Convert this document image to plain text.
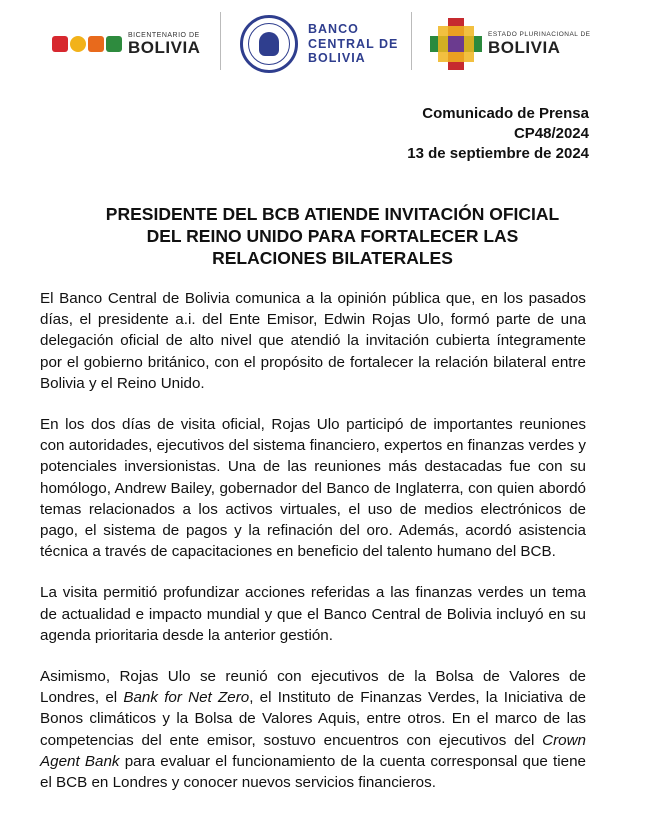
BICENTENARIO DE
BOLIVIA
BANCO
CENTRAL DE
BOLIVIA
ESTADO PLURINACIONAL DE
BOLIVIA
Comunicado de Prensa
CP48/2024
13 de septiembre de 2024
PRESIDENTE DEL BCB ATIENDE INVITACIÓN OFICIAL
DEL REINO UNIDO PARA FORTALECER LAS
RELACIONES BILATERALES

El Banco Central de Bolivia comunica a la opinión pública que, en los pasados días, el presidente a.i. del Ente Emisor, Edwin Rojas Ulo, formó parte de una delegación oficial de alto nivel que atendió la invitación cubierta íntegramente por el gobierno británico, con el propósito de fortalecer la relación bilateral entre Bolivia y el Reino Unido.

En los dos días de visita oficial, Rojas Ulo participó de importantes reuniones con autoridades, ejecutivos del sistema financiero, expertos en finanzas verdes y potenciales inversionistas. Una de las reuniones más destacadas fue con su homólogo, Andrew Bailey, gobernador del Banco de Inglaterra, con quien abordó temas relacionados a los activos virtuales, el uso de medios electrónicos de pago, el sistema de pagos y la refinación del oro. Además, acordó asistencia técnica a través de capacitaciones en beneficio del talento humano del BCB.

La visita permitió profundizar acciones referidas a las finanzas verdes un tema de actualidad e impacto mundial y que el Banco Central de Bolivia incluyó en su agenda prioritaria desde la anterior gestión.

Asimismo, Rojas Ulo se reunió con ejecutivos de la Bolsa de Valores de Londres, el Bank for Net Zero, el Instituto de Finanzas Verdes, la Iniciativa de Bonos climáticos y la Bolsa de Valores Aquis, entre otros. En el marco de las competencias del ente emisor, sostuvo encuentros con ejecutivos del Crown Agent Bank para evaluar el funcionamiento de la cuenta corresponsal que tiene el BCB en Londres y conocer nuevos servicios financieros.
